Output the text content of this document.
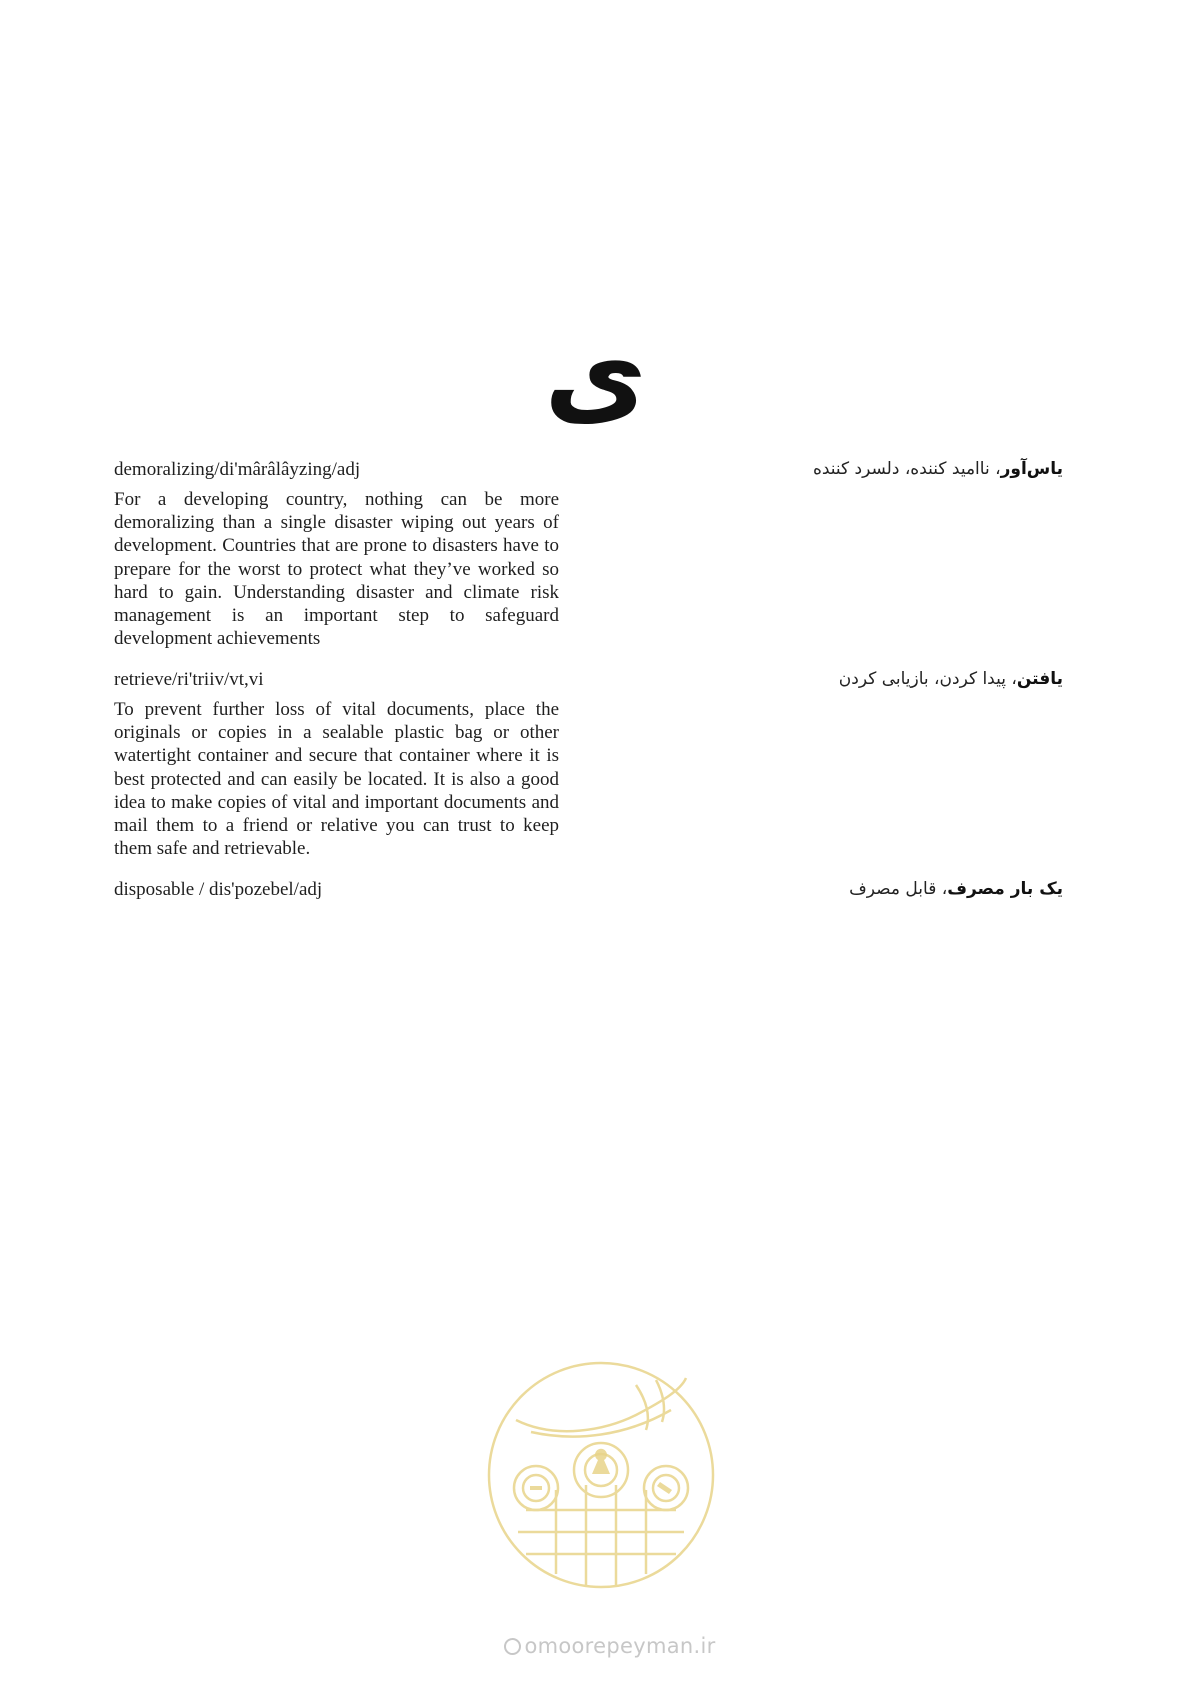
ی
demoralizing/di'mârâlâyzing/adj	یاس‌آور، ناامید کننده، دلسرد کننده
For a developing country, nothing can be more demoralizing than a single disaster wiping out years of development. Countries that are prone to disasters have to prepare for the worst to protect what they’ve worked so hard to gain. Understanding disaster and climate risk management is an important step to safeguard development achievements
retrieve/ri'triiv/vt,vi	یافتن، پیدا کردن، بازیابی کردن
To prevent further loss of vital documents, place the originals or copies in a sealable plastic bag or other watertight container and secure that container where it is best protected and can easily be located. It is also a good idea to make copies of vital and important documents and mail them to a friend or relative you can trust to keep them safe and retrievable.
disposable / dis'pozebel/adj	یک بار مصرف، قابل مصرف
omoorepeyman.ir
